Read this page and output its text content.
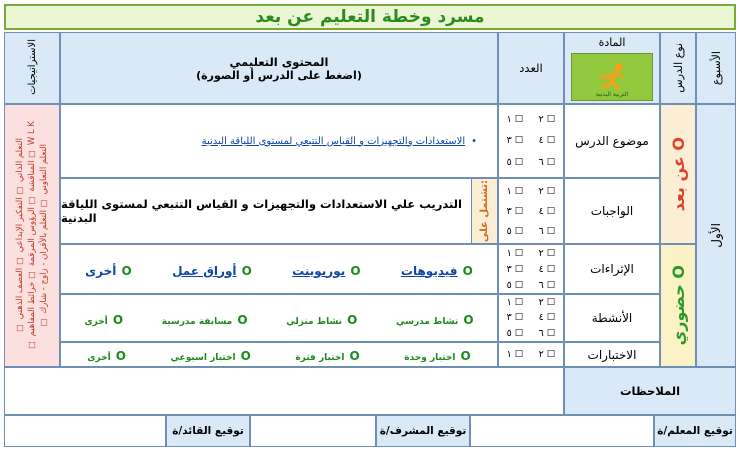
مسرد وخطة التعليم عن بعد
الأسبوع
نوع الدرس
المادة
التربية البدنية
العدد
المحتوى التعليمي
(اضغط على الدرس أو الصورة)
الاستراتيجيات
الأول
عن بعد O
حضوري O
موضوع الدرس
الواجبات
الإثراءات
الأنشطة
الاختبارات
١ ☐ ٢ ☐
٣ ☐ ٤ ☐
٥ ☐ ٦ ☐
١ ☐ ٢ ☐
٣ ☐ ٤ ☐
٥ ☐ ٦ ☐
١ ☐ ٢ ☐
٣ ☐ ٤ ☐
٥ ☐ ٦ ☐
١ ☐ ٢ ☐
٣ ☐ ٤ ☐
٥ ☐ ٦ ☐
١ ☐ ٢ ☐
الاستعدادات والتجهيزات و القياس التتبعي لمستوى اللياقة البدنية •
التدريب علي الاستعدادات والتجهيزات و القياس التتبعي لمستوى اللياقة البدنية	تشتمل على:
فيديوهات O
بوربوينت O
أوراق عمل O
أخرى O
نشاط مدرسي O
نشاط منزلي O
مسابقة مدرسية O
أخرى O
اختبار وحدة O
اختبار فترة O
اختبار اسبوعي O
أخرى O
☐ التعلم التعاوني ☐ التعلم بالأقران - زاوج - شارك
☐ المناقشة ☐ الرؤوس المرقمة ☐ خرائط المفاهيم ☐ W L K
☐ التعلم الذاتي ☐ التفكير الإبداعي ☐ العصف الذهني
الملاحظات
توقيع المعلم/ة
توقيع المشرف/ة
توقيع القائد/ة
